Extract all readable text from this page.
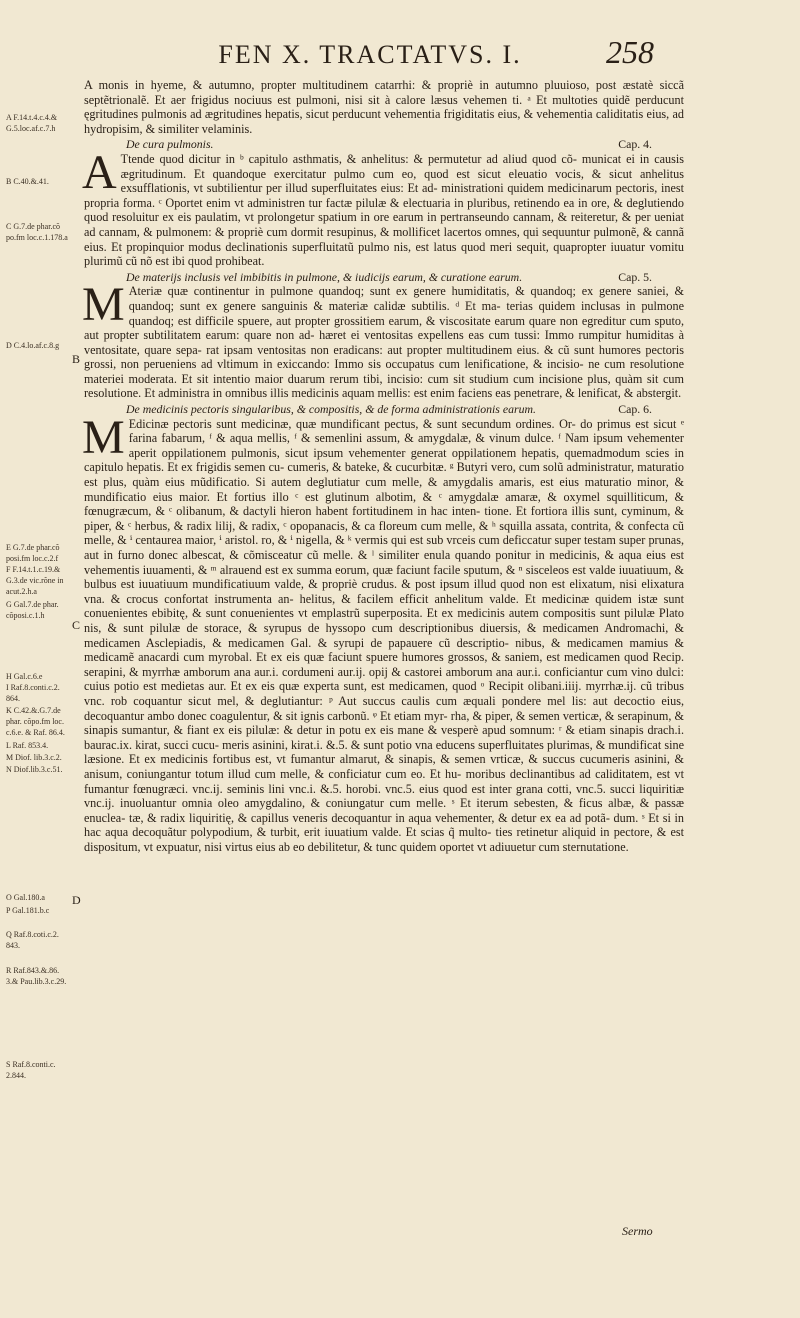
FEN X. TRACTATVS. I.	258
A F.14.t.4.c.4.&
G.5.loc.af.c.7.h
B C.40.&.41.
C G.7.de phar.cõ
po.fm loc.c.1.178.a
D C.4.lo.af.c.8.g
E G.7.de phar.cõ
posi.fm loc.c.2.f
F F.14.t.1.c.19.&
G.3.de vic.rõne in
acut.2.h.a
G Gal.7.de phar.
cõposi.c.1.h
H Gal.c.6.e
I Raf.8.conti.c.2.
864.
K C.42.&.G.7.de
phar. cõpo.fm loc.
c.6.e. & Raf. 86.4.
L Raf. 853.4.
M Diof. lib.3.c.2.
N Diof.lib.3.c.51.
O Gal.180.a
P Gal.181.b.c
Q Raf.8.coti.c.2.
843.
R Raf.843.&.86.
3.& Pau.lib.3.c.29.
S Raf.8.conti.c.
2.844.
B
C
D

A monis in hyeme, & autumno, propter multitudinem catarrhi: & propriè in autumno pluuioso, post æstatè siccã septẽtrionalẽ. Et aer frigidus nociuus est pulmoni, nisi sit à calore læsus vehemen ti. ᵃ Et multoties quidẽ perducunt ęgritudines pulmonis ad ægritudines hepatis, sicut perducunt vehementia frigiditatis eius, & vehementia caliditatis eius, ad hydropisim, & similiter velaminis.

De cura pulmonis.	Cap. 4.

A Ttende quod dicitur in ᵇ capitulo asthmatis, & anhelitus: & permutetur ad aliud quod cõ- municat ei in causis ægritudinum. Et quandoque exercitatur pulmo cum eo, quod est sicut eleuatio vocis, & sicut anhelitus exsufflationis, vt subtilientur per illud superfluitates eius: Et ad- ministrationi quidem medicinarum pectoris, inest propria forma. ᶜ Oportet enim vt administren tur factæ pilulæ & electuaria in pluribus, retinendo ea in ore, & deglutiendo quod resoluitur ex eis paulatim, vt prolongetur spatium in ore earum in pertranseundo cannam, & reiteretur, & per ueniat ad cannam, & pulmonem: & propriè cum dormit resupinus, & mollificet lacertos omnes, qui sequuntur pulmonẽ, & cannã eius. Et propinquior modus declinationis superfluitatũ pulmo nis, est latus quod meri sequit, quapropter iuuatur vomitu plurimũ cũ nõ est ibi quod prohibeat.

De materijs inclusis vel imbibitis in pulmone, & iudicijs earum, & curatione earum.	Cap. 5.

M Ateriæ quæ continentur in pulmone quandoq; sunt ex genere humiditatis, & quandoq; ex genere saniei, & quandoq; sunt ex genere sanguinis & materiæ calidæ subtilis. ᵈ Et ma- terias quidem inclusas in pulmone quandoq; est difficile spuere, aut propter grossitiem earum, & viscositate earum quare non egreditur cum sputo, aut propter subtilitatem earum: quare non ad- hæret ei ventositas expellens eas cum tussi: Immo rumpitur humiditas à ventositate, quare sepa- rat ipsam ventositas non eradicans: aut propter multitudinem eius. & cũ sunt humores pectoris grossi, non perueniens ad vltimum in exiccando: Immo sis occupatus cum lenificatione, & incisio- ne cum resolutione materiei moderata. Et sit intentio maior duarum rerum tibi, incisio: cum sit studium cum incisione plus, quàm sit cum resolutione. Et administra in omnibus illis medicinis aquam mellis: est enim faciens eas penetrare, & lenificat, & abstergit.

De medicinis pectoris singularibus, & compositis, & de forma administrationis earum.	Cap. 6.

M Edicinæ pectoris sunt medicinæ, quæ mundificant pectus, & sunt secundum ordines. Or- do primus est sicut ᵉ farina fabarum, ᶠ & aqua mellis, ᶠ & semenlini assum, & amygdalæ, & vinum dulce. ᶠ Nam ipsum vehementer aperit oppilationem pulmonis, sicut ipsum vehementer generat oppilationem hepatis, quemadmodum scies in capitulo hepatis. Et ex frigidis semen cu- cumeris, & bateke, & cucurbitæ. ᵍ Butyri vero, cum solũ administratur, maturatio est plus, quàm eius mũdificatio. Si autem deglutiatur cum melle, & amygdalis amaris, est eius maturatio minor, & mundificatio eius maior. Et fortius illo ᶜ est glutinum albotim, & ᶜ amygdalæ amaræ, & oxymel squilliticum, & fœnugræcum, & ᶜ olibanum, & dactyli hieron habent fortitudinem in hac inten- tione. Et fortiora illis sunt, cyminum, & piper, & ᶜ herbus, & radix lilij, & radix, ᶜ opopanacis, & ca floreum cum melle, & ʰ squilla assata, contrita, & confecta cũ melle, & ⁱ centaurea maior, ⁱ aristol. ro, & ⁱ nigella, & ᵏ vermis qui est sub vrceis cum deficcatur super testam super prunas, aut in furno donec albescat, & cõmisceatur cũ melle. & ˡ similiter enula quando ponitur in medicinis, & aqua eius est vehementis iuuamenti, & ᵐ alrauend est ex summa eorum, quæ faciunt facile sputum, & ⁿ sisceleos est valde iuuatiuum, & bulbus est iuuatiuum mundificatiuum valde, & propriè crudus. & post ipsum illud quod non est elixatum, nisi elixatura vna. & crocus confortat instrumenta an- helitus, & facilem efficit anhelitum valde. Et medicinæ quidem istæ sunt conuenientes ebibitę, & sunt conuenientes vt emplastrũ superposita. Et ex medicinis autem compositis sunt pilulæ Plato nis, & sunt pilulæ de storace, & syrupus de hyssopo cum descriptionibus diuersis, & medicamen Andromachi, & medicamen Asclepiadis, & medicamen Gal. & syrupi de papauere cũ descriptio- nibus, & medicamen mamius & medicamẽ anacardi cum myrobal. Et ex eis quæ faciunt spuere humores grossos, & saniem, est medicamen quod Recip. serapini, & myrrhæ amborum ana aur.i. cordumeni aur.ij. opij & castorei amborum ana aur.i. conficiantur cum vino dulci: cuius potio est medietas aur. Et ex eis quæ experta sunt, est medicamen, quod ᵒ Recipit olibani.iiij. myrrhæ.ij. cũ tribus vnc. rob coquantur sicut mel, & deglutiantur: ᵖ Aut succus caulis cum æquali pondere mel lis: aut decoctio eius, decoquantur ambo donec coagulentur, & sit ignis carbonũ. ᵠ Et etiam myr- rha, & piper, & semen verticæ, & serapinum, & sinapis sumantur, & fiant ex eis pilulæ: & detur in potu ex eis mane & vesperè apud somnum: ʳ & etiam sinapis drach.i. baurac.ix. kirat, succi cucu- meris asinini, kirat.i. &.5. & sunt potio vna educens superfluitates plurimas, & mundificat sine læsione. Et ex medicinis fortibus est, vt fumantur almarut, & sinapis, & semen vrticæ, & succus cucumeris asinini, & anisum, coniungantur totum illud cum melle, & conficiatur cum eo. Et hu- moribus declinantibus ad caliditatem, est vt fumantur fœnugræci. vnc.ij. seminis lini vnc.i. &.5. horobi. vnc.5. eius quod est inter grana cotti, vnc.5. succi liquiritiæ vnc.ij. inuoluantur omnia oleo amygdalino, & coniungatur cum melle. ˢ Et iterum sebesten, & ficus albæ, & passæ enuclea- tæ, & radix liquiritię, & capillus veneris decoquantur in aqua vehementer, & detur ex ea ad potã- dum. ˢ Et si in hac aqua decoquãtur polypodium, & turbit, erit iuuatium valde. Et scias q̃ multo- ties retinetur aliquid in pectore, & est dispositum, vt expuatur, nisi virtus eius ab eo debilitetur, & tunc quidem oportet vt adiuuetur cum sternutatione.

Sermo
